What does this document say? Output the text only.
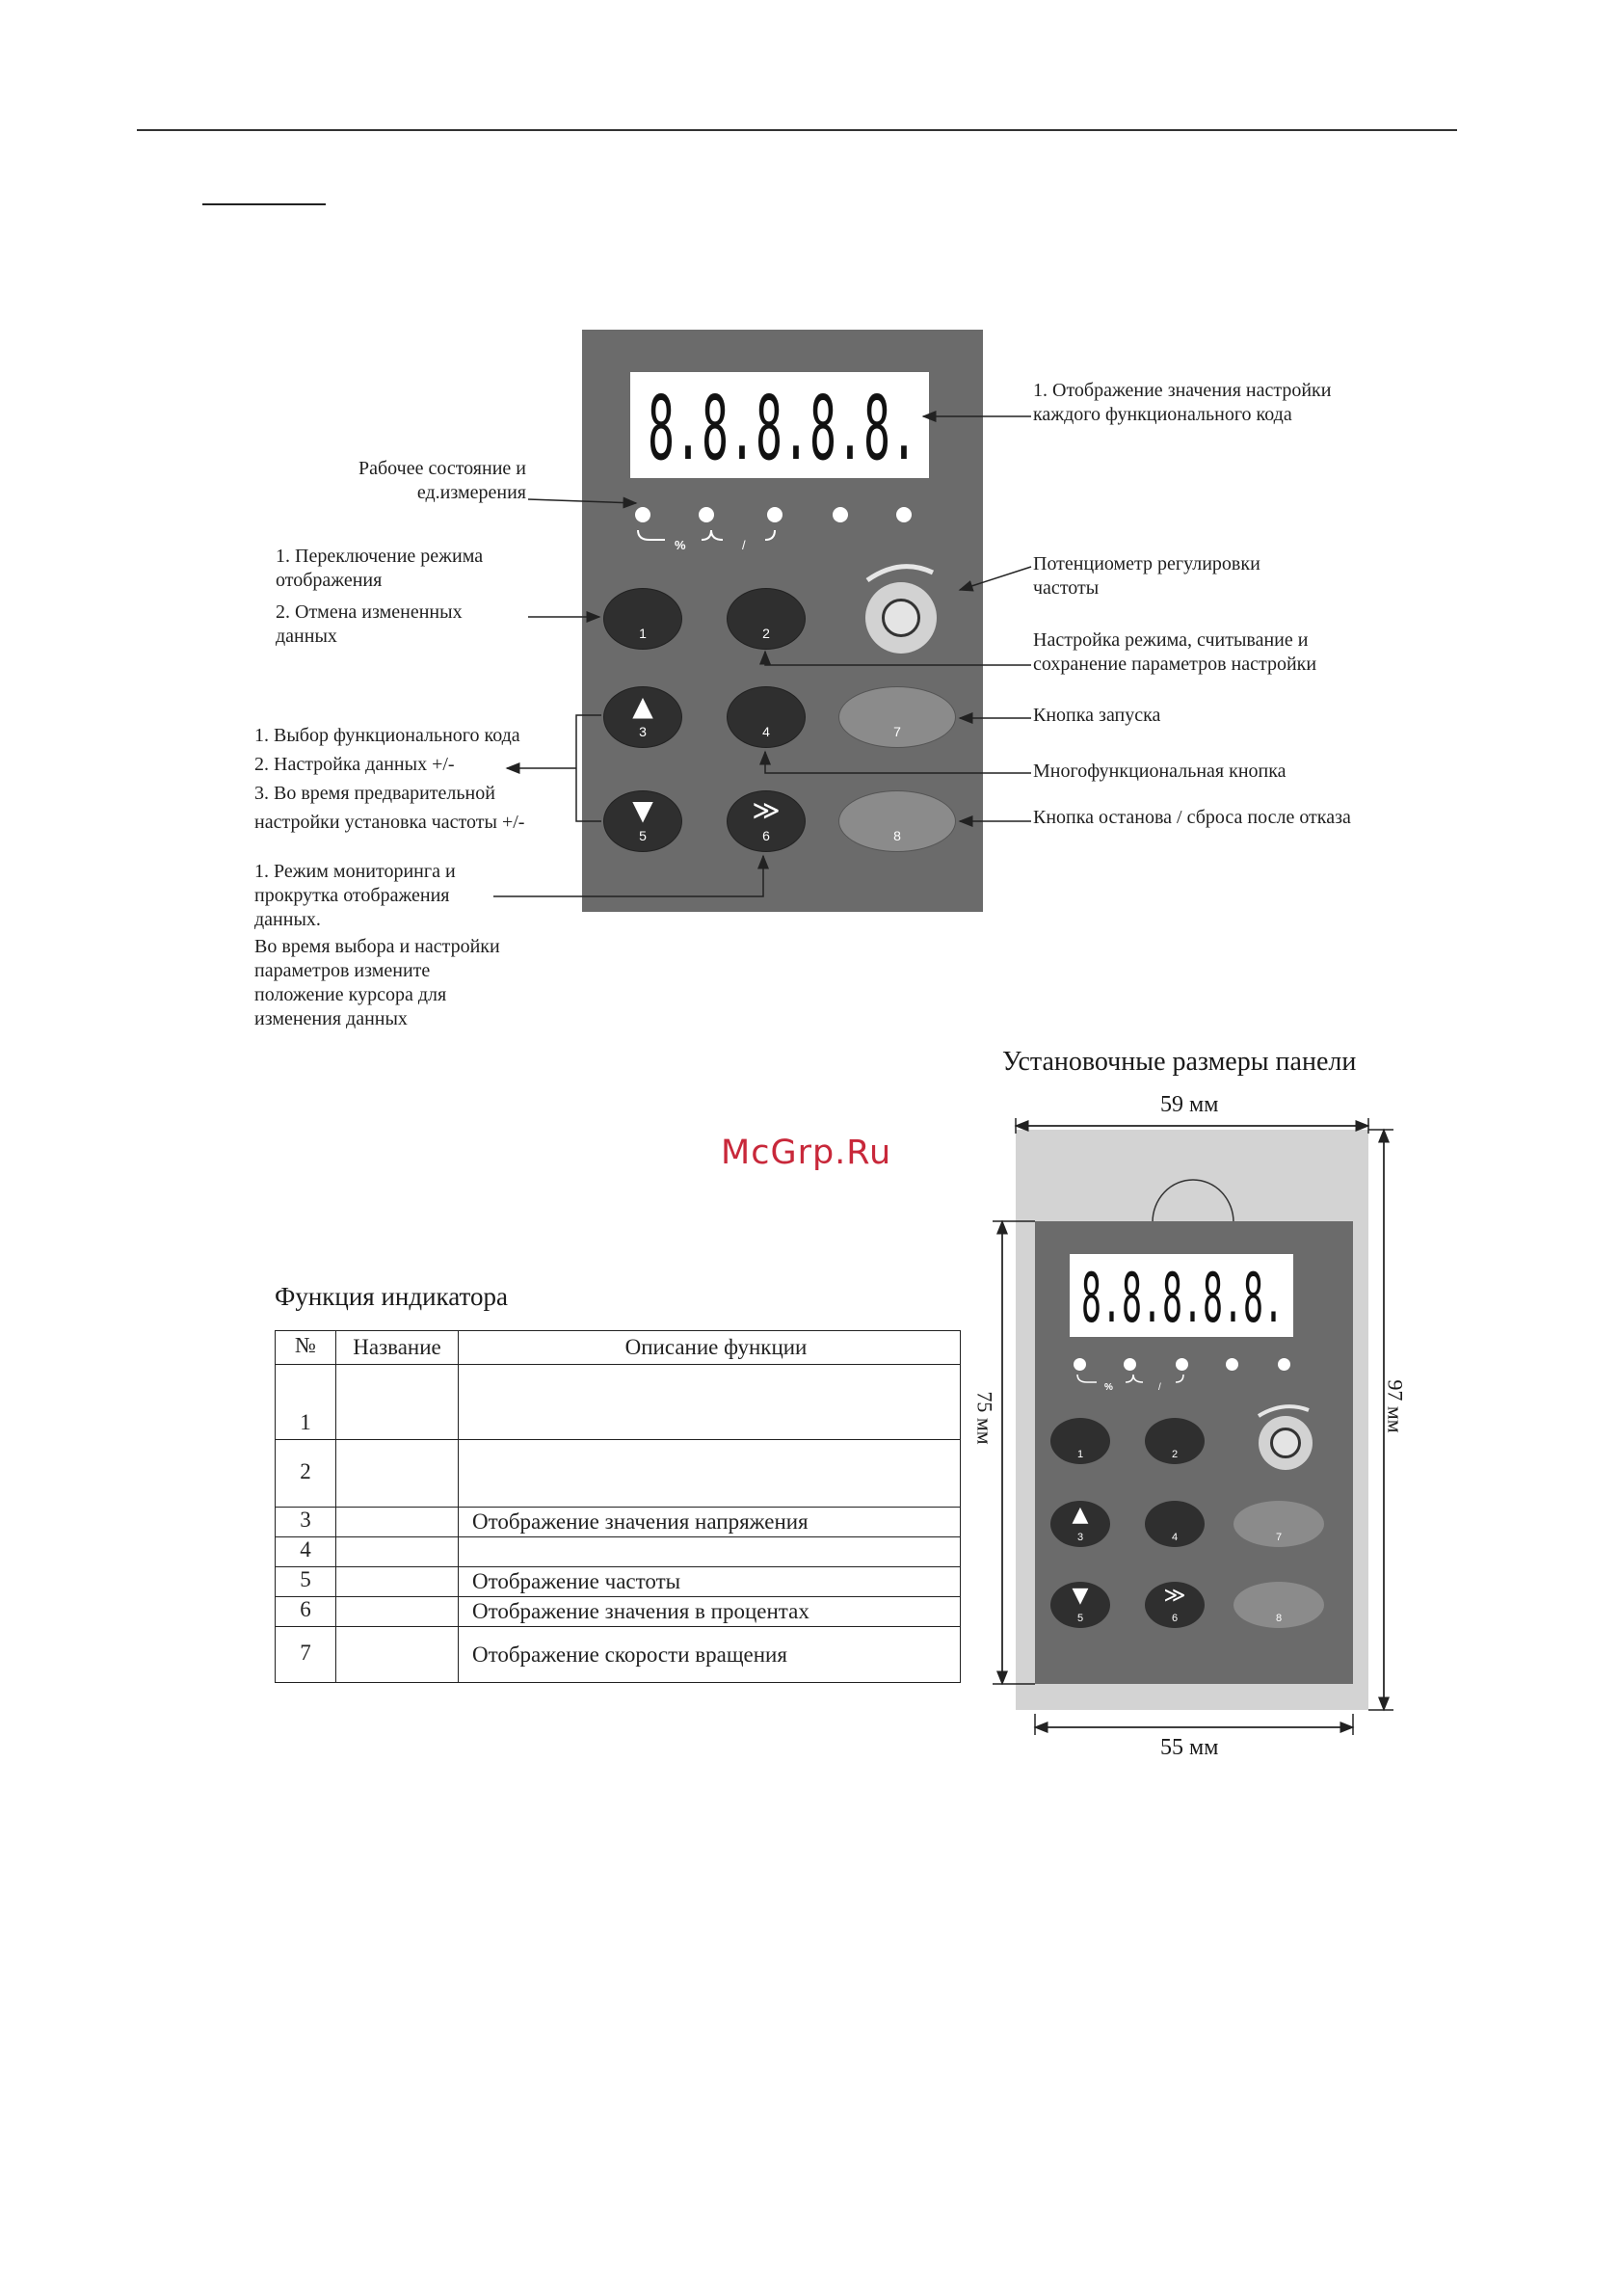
8.8.8.8.8.
%	/
1	2
▲
3	4	7
▼
5
≫
6	8
1. Отображение значения настройки
каждого функционального кода
Рабочее состояние и
ед.измерения
1. Переключение режима
отображения
2. Отмена измененных
данных
Потенциометр регулировки
частоты
Настройка режима, считывание и
сохранение параметров настройки
1. Выбор функционального кода
2. Настройка данных +/-
3. Во время предварительной
настройки установка частоты +/-
Кнопка запуска
Многофункциональная кнопка
Кнопка останова / сброса после отказа
1. Режим мониторинга и
прокрутка отображения
данных.
Во время выбора и настройки
параметров измените
положение курсора для
изменения данных
McGrp.Ru
Функция индикатора
№	Название	Описание функции
1		
2		
3		Отображение значения напряжения
4		
5		Отображение частоты
6		Отображение значения в процентах
7		Отображение скорости вращения
Установочные размеры панели
8.8.8.8.8.
%	/
1	2
▲
3	4	7
▼
5
≫
6	8
59 мм
55 мм
75 мм	97 мм
